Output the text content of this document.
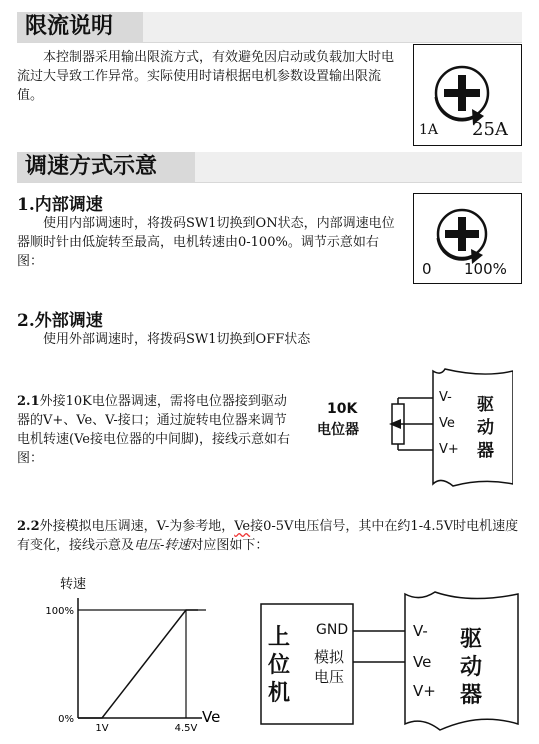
限流说明
　　本控制器采用输出限流方式，有效避免因启动或负载加大时电流过大导致工作异常。实际使用时请根据电机参数设置输出限流值。
1A 25A
调速方式示意
1.内部调速
　　使用内部调速时，将拨码SW1切换到ON状态，内部调速电位器顺时针由低旋转至最高，电机转速由0-100%。调节示意如右图：	0 100%
2.外部调速
　　使用外部调速时，将拨码SW1切换到OFF状态
2.1外接10K电位器调速，需将电位器接到驱动器的V+、Ve、V-接口；通过旋转电位器来调节电机转速(Ve接电位器的中间脚)，接线示意如右图：
10K
电位器
V-
Ve
V+
驱
动
器
2.2外接模拟电压调速，V-为参考地，Ve接0-5V电压信号，其中在约1-4.5V时电机速度有变化，接线示意及电压-转速对应图如下：
转速
Ve
0%
100%
1V	4.5V
上
位
机
GND
模拟
电压
V-
Ve
V+
驱
动
器
